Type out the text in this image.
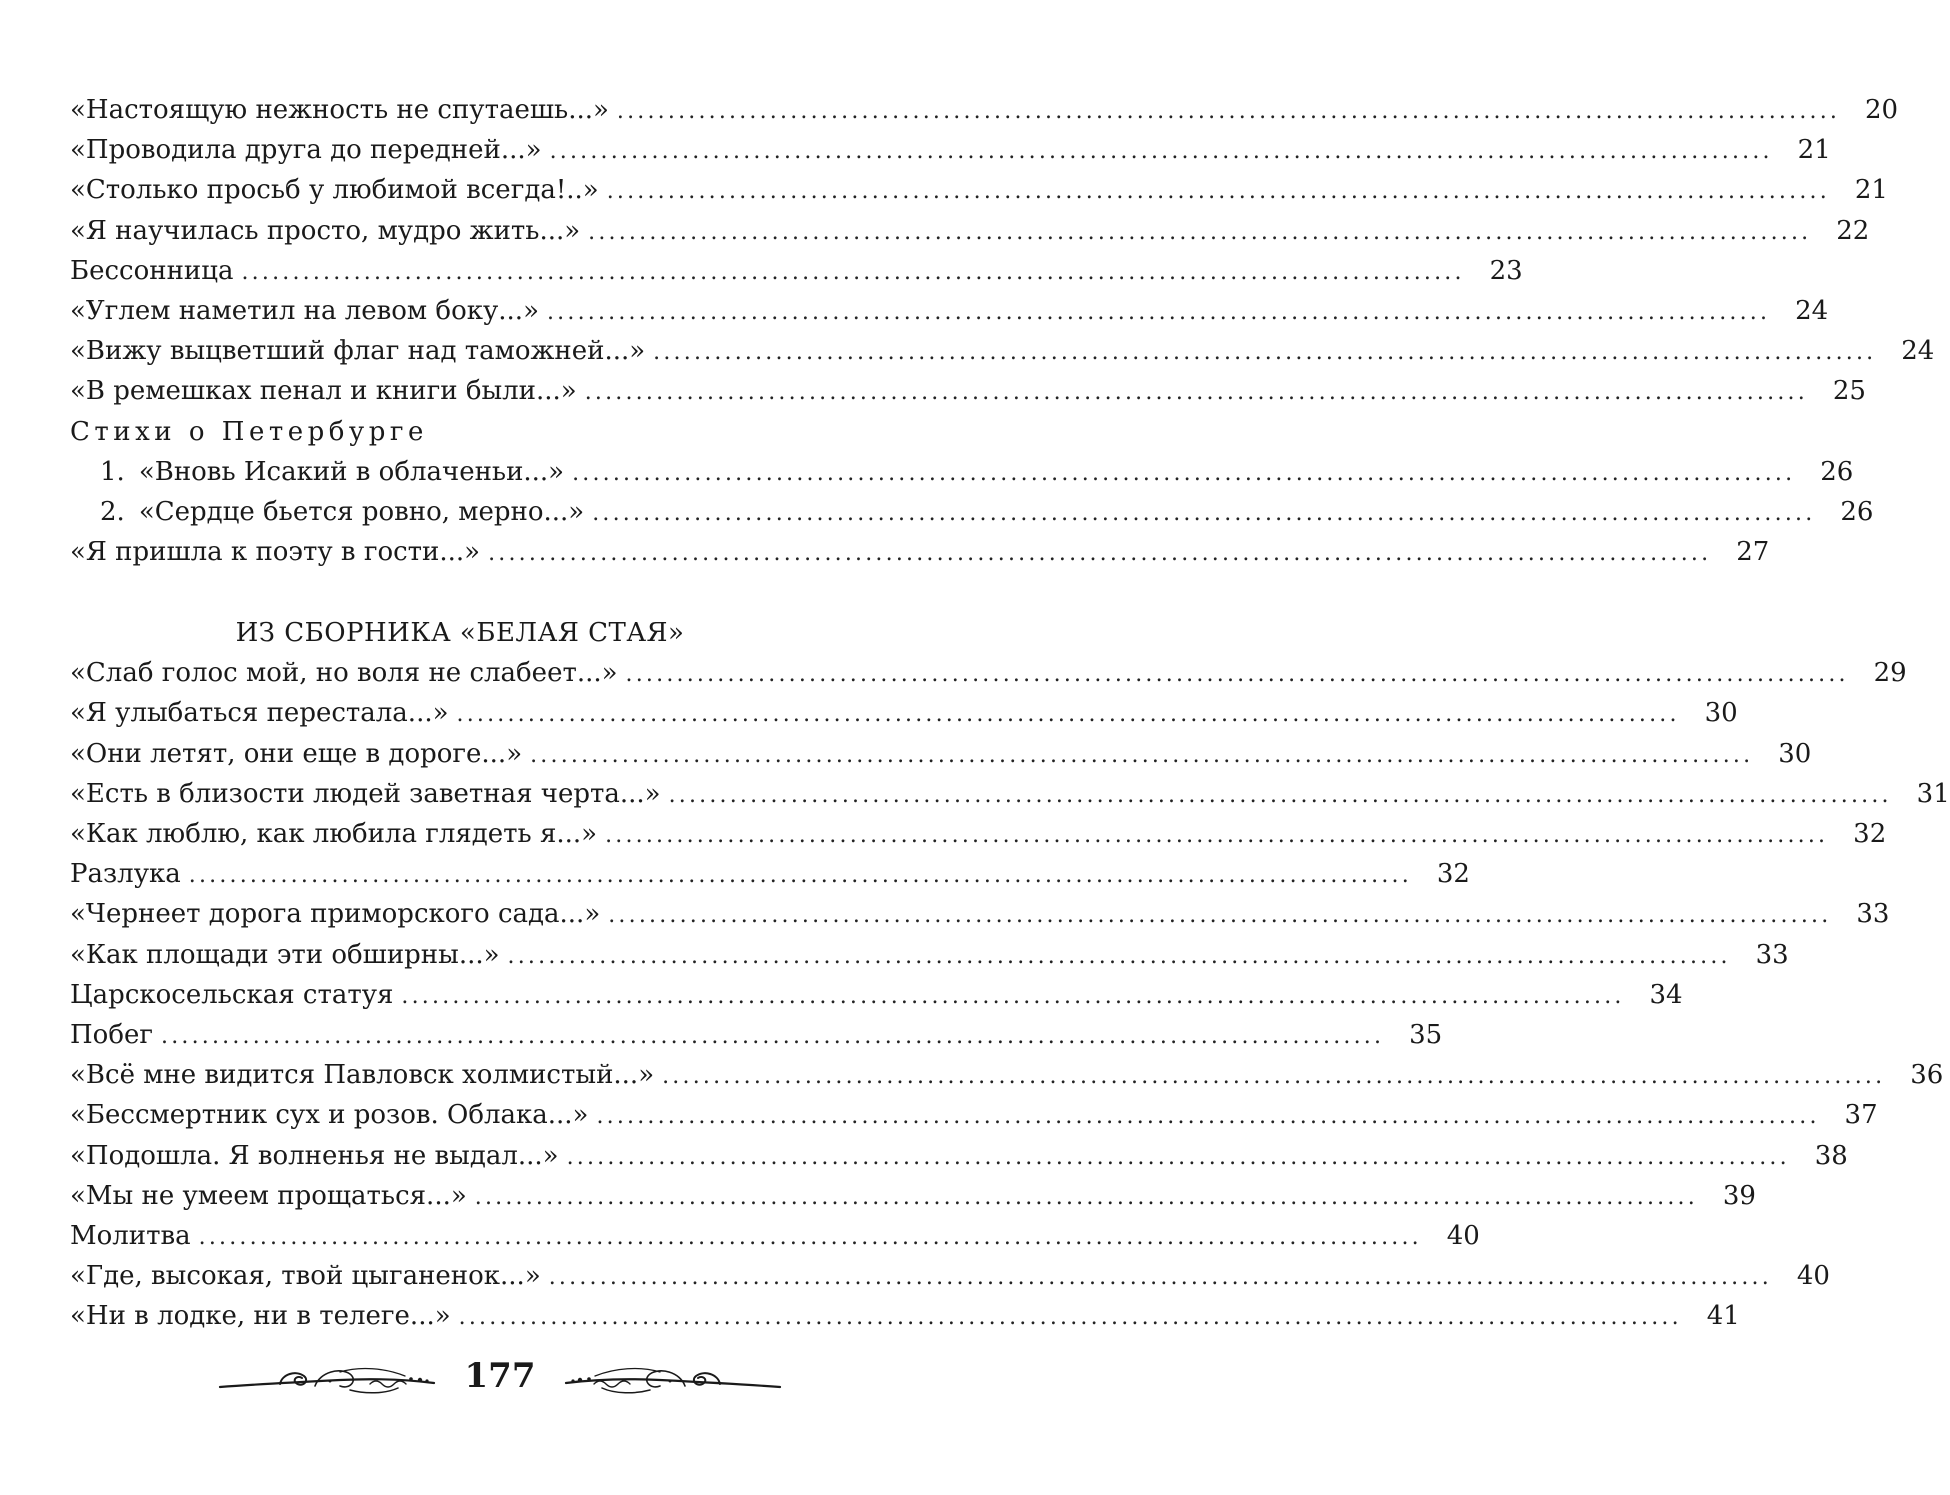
«Настоящую нежность не спутаешь...» ........................................................................................................................ 20
«Проводила друга до передней...» ........................................................................................................................ 21
«Столько просьб у любимой всегда!..» ........................................................................................................................ 21
«Я научилась просто, мудро жить...» ........................................................................................................................ 22
Бессонница ........................................................................................................................ 23
«Углем наметил на левом боку...» ........................................................................................................................ 24
«Вижу выцветший флаг над таможней...» ........................................................................................................................ 24
«В ремешках пенал и книги были...» ........................................................................................................................ 25
Стихи о Петербурге
1. «Вновь Исакий в облаченьи...» ........................................................................................................................ 26
2. «Сердце бьется ровно, мерно...» ........................................................................................................................ 26
«Я пришла к поэту в гости...» ........................................................................................................................ 27
ИЗ СБОРНИКА «БЕЛАЯ СТАЯ»
«Слаб голос мой, но воля не слабеет...» ........................................................................................................................ 29
«Я улыбаться перестала...» ........................................................................................................................ 30
«Они летят, они еще в дороге...» ........................................................................................................................ 30
«Есть в близости людей заветная черта...» ........................................................................................................................ 31
«Как люблю, как любила глядеть я...» ........................................................................................................................ 32
Разлука ........................................................................................................................ 32
«Чернеет дорога приморского сада...» ........................................................................................................................ 33
«Как площади эти обширны...» ........................................................................................................................ 33
Царскосельская статуя ........................................................................................................................ 34
Побег ........................................................................................................................ 35
«Всё мне видится Павловск холмистый...» ........................................................................................................................ 36
«Бессмертник сух и розов. Облака...» ........................................................................................................................ 37
«Подошла. Я волненья не выдал...» ........................................................................................................................ 38
«Мы не умеем прощаться...» ........................................................................................................................ 39
Молитва ........................................................................................................................ 40
«Где, высокая, твой цыганенок...» ........................................................................................................................ 40
«Ни в лодке, ни в телеге...» ........................................................................................................................ 41
177
